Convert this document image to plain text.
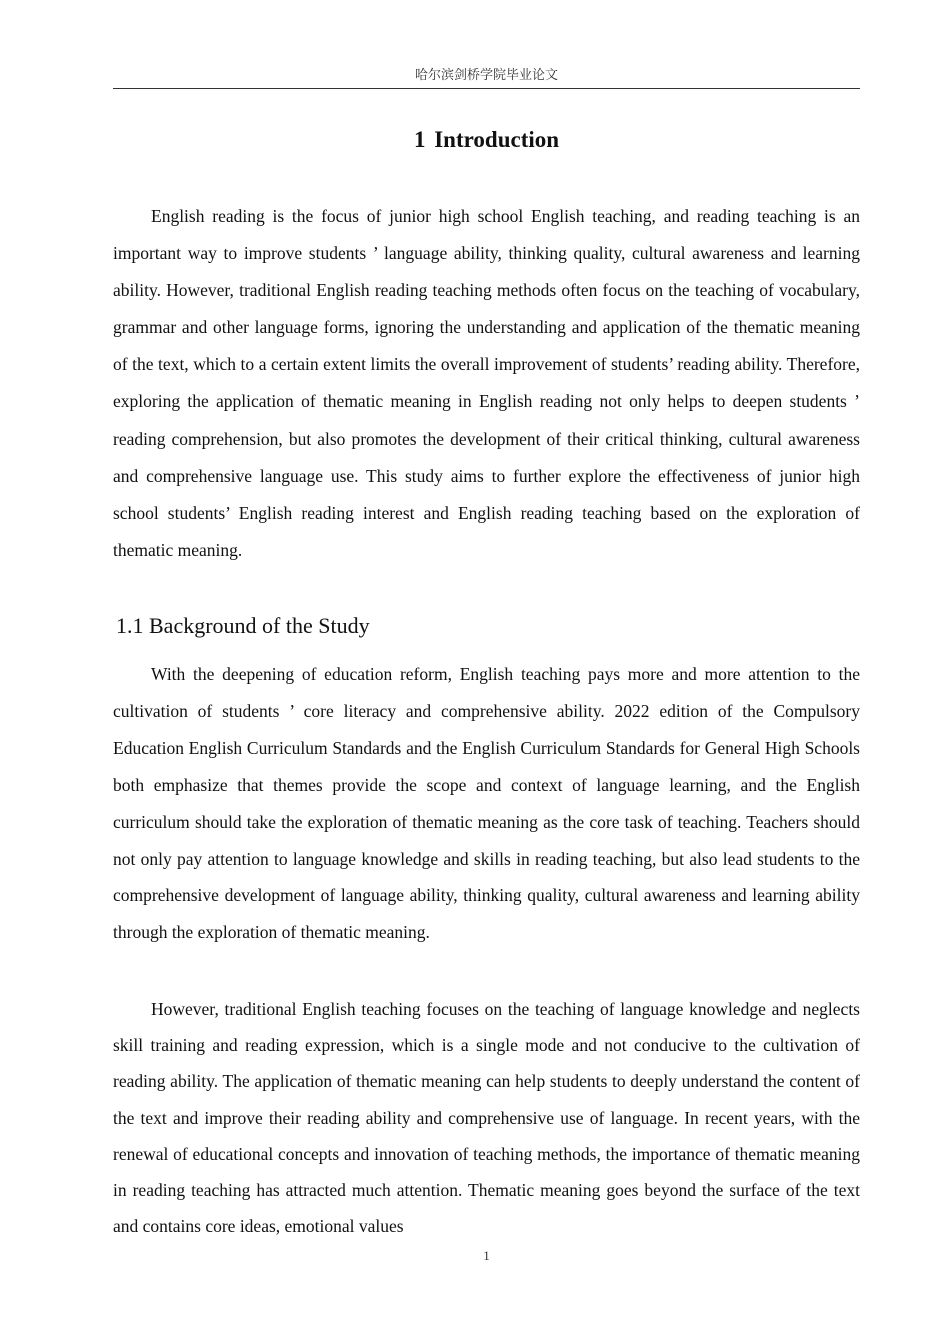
哈尔滨剑桥学院毕业论文
1 Introduction

English reading is the focus of junior high school English teaching, and reading teaching is an important way to improve students ’ language ability, thinking quality, cultural awareness and learning ability. However, traditional English reading teaching methods often focus on the teaching of vocabulary, grammar and other language forms, ignoring the understanding and application of the thematic meaning of the text, which to a certain extent limits the overall improvement of students’ reading ability. Therefore, exploring the application of thematic meaning in English reading not only helps to deepen students ’ reading comprehension, but also promotes the development of their critical thinking, cultural awareness and comprehensive language use. This study aims to further explore the effectiveness of junior high school students’ English reading interest and English reading teaching based on the exploration of thematic meaning.

1.1 Background of the Study

With the deepening of education reform, English teaching pays more and more attention to the cultivation of students ’ core literacy and comprehensive ability. 2022 edition of the Compulsory Education English Curriculum Standards and the English Curriculum Standards for General High Schools both emphasize that themes provide the scope and context of language learning, and the English curriculum should take the exploration of thematic meaning as the core task of teaching. Teachers should not only pay attention to language knowledge and skills in reading teaching, but also lead students to the comprehensive development of language ability, thinking quality, cultural awareness and learning ability through the exploration of thematic meaning.

However, traditional English teaching focuses on the teaching of language knowledge and neglects skill training and reading expression, which is a single mode and not conducive to the cultivation of reading ability. The application of thematic meaning can help students to deeply understand the content of the text and improve their reading ability and comprehensive use of language. In recent years, with the renewal of educational concepts and innovation of teaching methods, the importance of thematic meaning in reading teaching has attracted much attention. Thematic meaning goes beyond the surface of the text and contains core ideas, emotional values

1
